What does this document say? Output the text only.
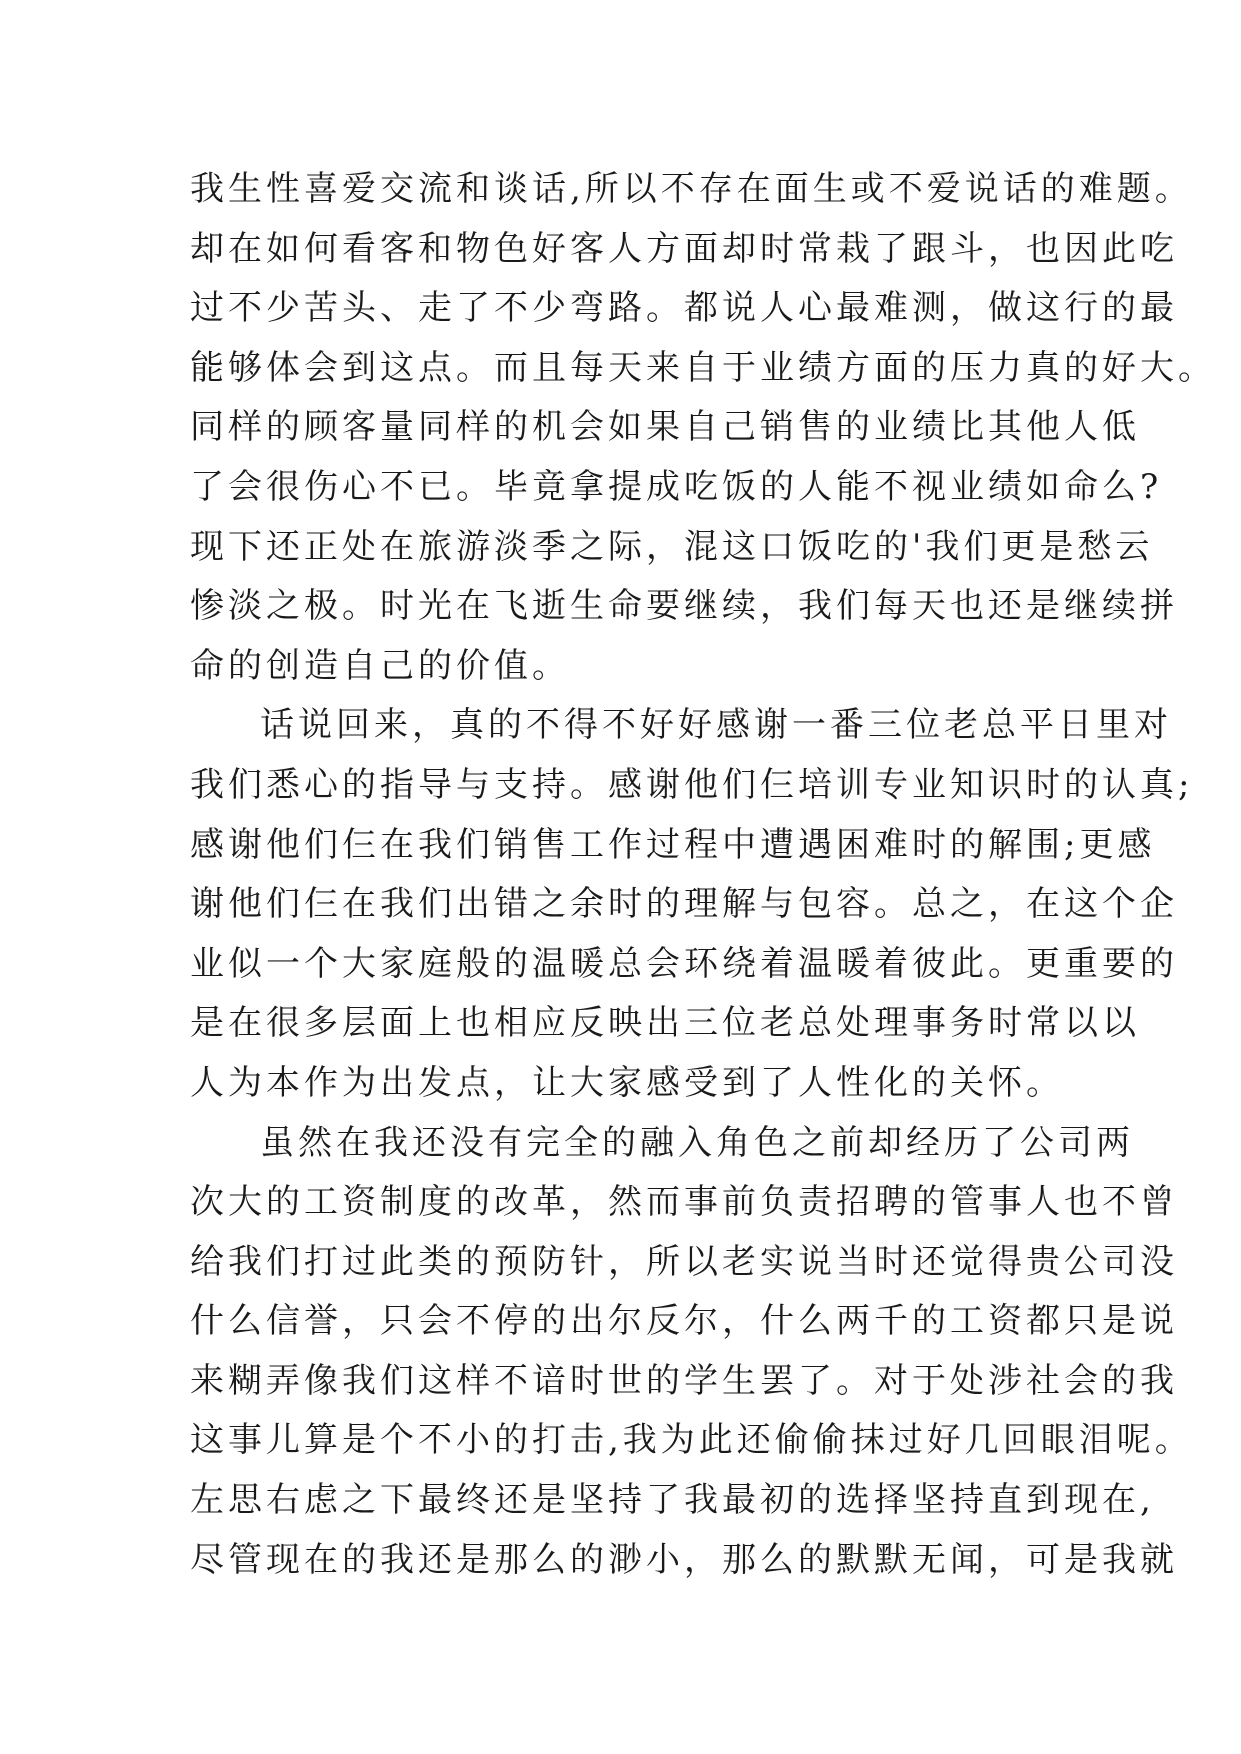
我生性喜爱交流和谈话,所以不存在面生或不爱说话的难题。
却在如何看客和物色好客人方面却时常栽了跟斗，也因此吃
过不少苦头、走了不少弯路。都说人心最难测，做这行的最
能够体会到这点。而且每天来自于业绩方面的压力真的好大。
同样的顾客量同样的机会如果自己销售的业绩比其他人低
了会很伤心不已。毕竟拿提成吃饭的人能不视业绩如命么?
现下还正处在旅游淡季之际，混这口饭吃的'我们更是愁云
惨淡之极。时光在飞逝生命要继续，我们每天也还是继续拼
命的创造自己的价值。
话说回来，真的不得不好好感谢一番三位老总平日里对
我们悉心的指导与支持。感谢他们仨培训专业知识时的认真;
感谢他们仨在我们销售工作过程中遭遇困难时的解围;更感
谢他们仨在我们出错之余时的理解与包容。总之，在这个企
业似一个大家庭般的温暖总会环绕着温暖着彼此。更重要的
是在很多层面上也相应反映出三位老总处理事务时常以以
人为本作为出发点，让大家感受到了人性化的关怀。
虽然在我还没有完全的融入角色之前却经历了公司两
次大的工资制度的改革，然而事前负责招聘的管事人也不曾
给我们打过此类的预防针，所以老实说当时还觉得贵公司没
什么信誉，只会不停的出尔反尔，什么两千的工资都只是说
来糊弄像我们这样不谙时世的学生罢了。对于处涉社会的我
这事儿算是个不小的打击,我为此还偷偷抹过好几回眼泪呢。
左思右虑之下最终还是坚持了我最初的选择坚持直到现在,
尽管现在的我还是那么的渺小，那么的默默无闻，可是我就
